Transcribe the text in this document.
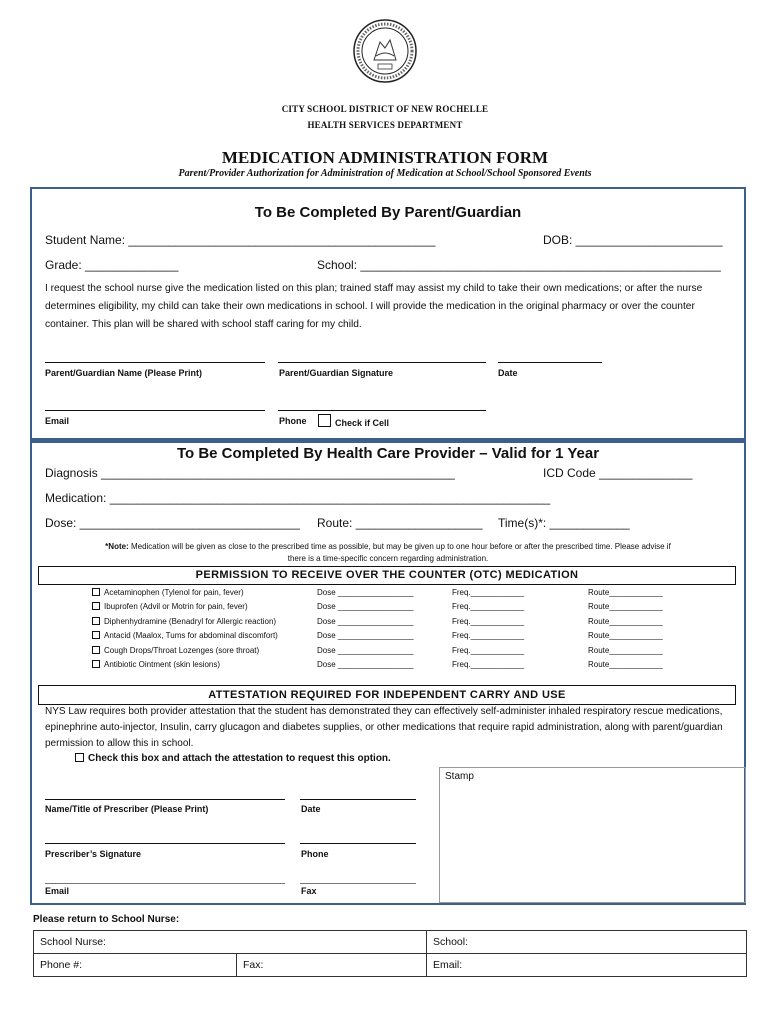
CITY SCHOOL DISTRICT OF NEW ROCHELLE
HEALTH SERVICES DEPARTMENT
MEDICATION ADMINISTRATION FORM
Parent/Provider Authorization for Administration of Medication at School/School Sponsored Events
To Be Completed By Parent/Guardian
Student Name: ______________________________________________	DOB: ______________________
Grade: ______________	School: ______________________________________________________
I request the school nurse give the medication listed on this plan; trained staff may assist my child to take their own medications; or after the nurse determines eligibility, my child can take their own medications in school. I will provide the medication in the original pharmacy or over the counter container. This plan will be shared with school staff caring for my child.
Parent/Guardian Name (Please Print)	Parent/Guardian Signature	Date
Email	Phone	Check if Cell
To Be Completed By Health Care Provider – Valid for 1 Year
Diagnosis _____________________________________________________	ICD Code ______________
Medication: __________________________________________________________________
Dose: _________________________________ Route: ___________________ Time(s)*: ____________
*Note: Medication will be given as close to the prescribed time as possible, but may be given up to one hour before or after the prescribed time. Please advise if
there is a time-specific concern regarding administration.
PERMISSION TO RECEIVE OVER THE COUNTER (OTC) MEDICATION
Acetaminophen (Tylenol for pain, fever)	Dose _________________	Freq.____________	Route____________
Ibuprofen (Advil or Motrin for pain, fever)	Dose _________________	Freq.____________	Route____________
Diphenhydramine (Benadryl for Allergic reaction)	Dose _________________	Freq.____________	Route____________
Antacid (Maalox, Tums for abdominal discomfort)	Dose _________________	Freq.____________	Route____________
Cough Drops/Throat Lozenges (sore throat)	Dose _________________	Freq.____________	Route____________
Antibiotic Ointment (skin lesions)	Dose _________________	Freq.____________	Route____________
ATTESTATION REQUIRED FOR INDEPENDENT CARRY AND USE
NYS Law requires both provider attestation that the student has demonstrated they can effectively self-administer inhaled respiratory rescue medications, epinephrine auto-injector, Insulin, carry glucagon and diabetes supplies, or other medications that require rapid administration, along with parent/guardian permission to allow this in school.
Check this box and attach the attestation to request this option.
Stamp
Name/Title of Prescriber (Please Print)	Date
Prescriber’s Signature	Phone
Email	Fax
Please return to School Nurse:
School Nurse:		School:
Phone #:	Fax:	Email:
